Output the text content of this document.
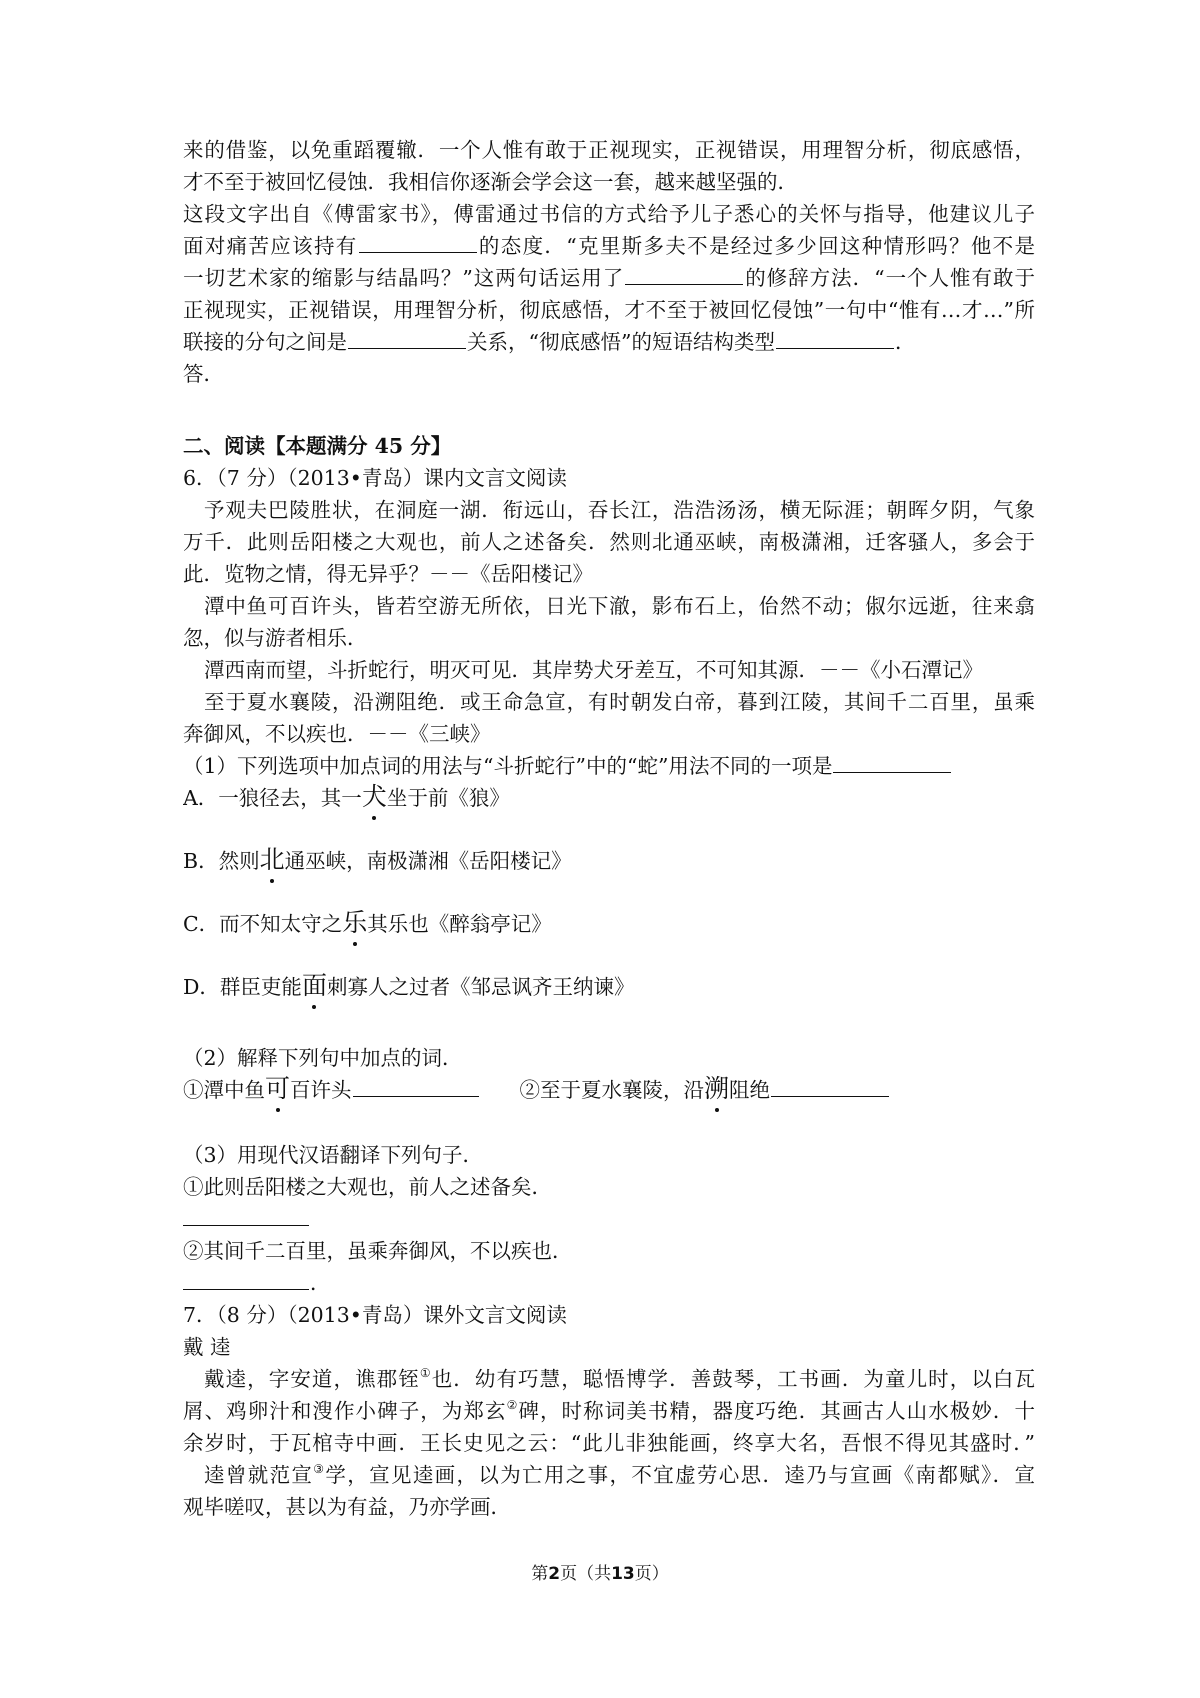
来的借鉴，以免重蹈覆辙．一个人惟有敢于正视现实，正视错误，用理智分析，彻底感悟，
才不至于被回忆侵蚀．我相信你逐渐会学会这一套，越来越坚强的．
这段文字出自《傅雷家书》，傅雷通过书信的方式给予儿子悉心的关怀与指导，他建议儿子
面对痛苦应该持有	的态度．“克里斯多夫不是经过多少回这种情形吗？他不是
一切艺术家的缩影与结晶吗？”这两句话运用了	的修辞方法．“一个人惟有敢于
正视现实，正视错误，用理智分析，彻底感悟，才不至于被回忆侵蚀”一句中“惟有…才…”所
联接的分句之间是	关系，“彻底感悟”的短语结构类型	．
答．
二、阅读【本题满分 45 分】
6．（7 分）（2013•青岛）课内文言文阅读
予观夫巴陵胜状，在洞庭一湖．衔远山，吞长江，浩浩汤汤，横无际涯；朝晖夕阴，气象
万千．此则岳阳楼之大观也，前人之述备矣．然则北通巫峡，南极潇湘，迁客骚人，多会于
此．览物之情，得无异乎？－－《岳阳楼记》
潭中鱼可百许头，皆若空游无所依，日光下澈，影布石上，佁然不动；俶尔远逝，往来翕
忽，似与游者相乐．
潭西南而望，斗折蛇行，明灭可见．其岸势犬牙差互，不可知其源．－－《小石潭记》
至于夏水襄陵，沿溯阻绝．或王命急宣，有时朝发白帝，暮到江陵，其间千二百里，虽乘
奔御风，不以疾也．－－《三峡》
（1）下列选项中加点词的用法与“斗折蛇行”中的“蛇”用法不同的一项是
A．一狼径去，其一犬坐于前《狼》
B．然则北通巫峡，南极潇湘《岳阳楼记》
C．而不知太守之乐其乐也《醉翁亭记》
D．群臣吏能面刺寡人之过者《邹忌讽齐王纳谏》
（2）解释下列句中加点的词．
①潭中鱼可百许头	②至于夏水襄陵，沿溯阻绝
（3）用现代汉语翻译下列句子．
①此则岳阳楼之大观也，前人之述备矣．
②其间千二百里，虽乘奔御风，不以疾也．
．
7．（8 分）（2013•青岛）课外文言文阅读
戴 逵
戴逵，字安道，谯郡铚①也．幼有巧慧，聪悟博学．善鼓琴，工书画．为童儿时，以白瓦
屑、鸡卵汁和溲作小碑子，为郑玄②碑，时称词美书精，器度巧绝．其画古人山水极妙．十
余岁时，于瓦棺寺中画．王长史见之云：“此儿非独能画，终享大名，吾恨不得见其盛时．”
逵曾就范宣③学，宣见逵画，以为亡用之事，不宜虚劳心思．逵乃与宣画《南都赋》．宣
观毕嗟叹，甚以为有益，乃亦学画．
第2页（共13页）
